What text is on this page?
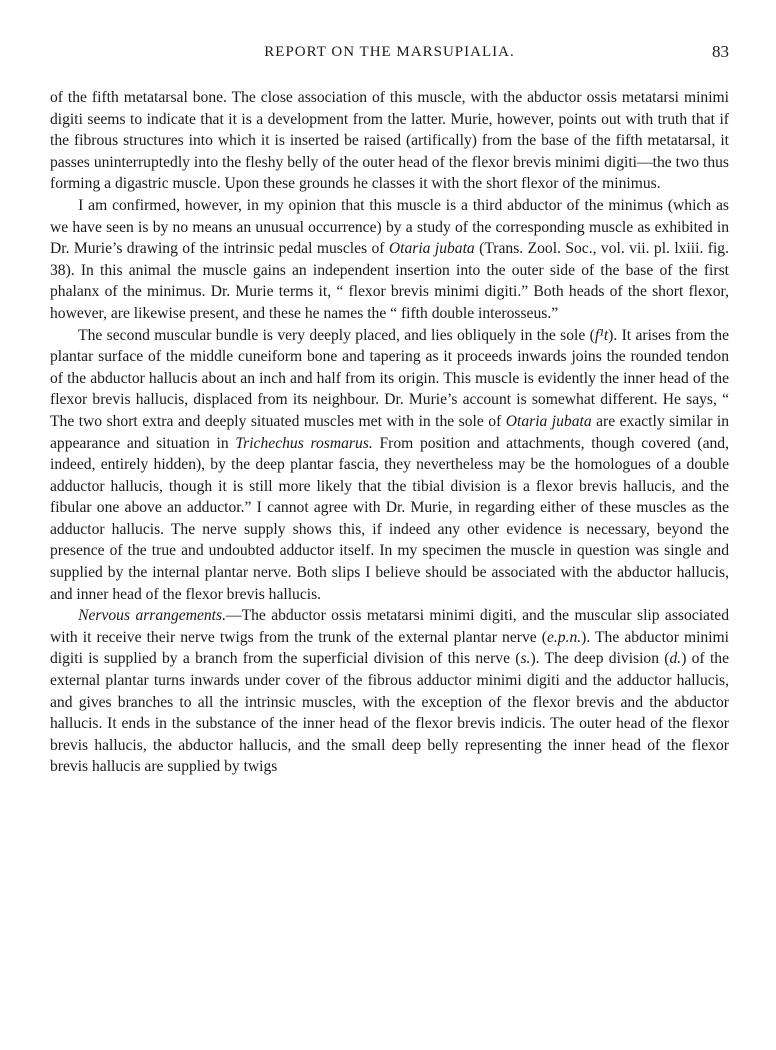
REPORT ON THE MARSUPIALIA.	83

of the fifth metatarsal bone. The close association of this muscle, with the abductor ossis metatarsi minimi digiti seems to indicate that it is a development from the latter. Murie, however, points out with truth that if the fibrous structures into which it is inserted be raised (artifically) from the base of the fifth metatarsal, it passes uninterruptedly into the fleshy belly of the outer head of the flexor brevis minimi digiti—the two thus forming a digastric muscle. Upon these grounds he classes it with the short flexor of the minimus.

I am confirmed, however, in my opinion that this muscle is a third abductor of the minimus (which as we have seen is by no means an unusual occurrence) by a study of the corresponding muscle as exhibited in Dr. Murie’s drawing of the intrinsic pedal muscles of Otaria jubata (Trans. Zool. Soc., vol. vii. pl. lxiii. fig. 38). In this animal the muscle gains an independent insertion into the outer side of the base of the first phalanx of the minimus. Dr. Murie terms it, “ flexor brevis minimi digiti.” Both heads of the short flexor, however, are likewise present, and these he names the “ fifth double interosseus.”

The second muscular bundle is very deeply placed, and lies obliquely in the sole (f¹t). It arises from the plantar surface of the middle cuneiform bone and tapering as it proceeds inwards joins the rounded tendon of the abductor hallucis about an inch and half from its origin. This muscle is evidently the inner head of the flexor brevis hallucis, displaced from its neighbour. Dr. Murie’s account is somewhat different. He says, “ The two short extra and deeply situated muscles met with in the sole of Otaria jubata are exactly similar in appearance and situation in Trichechus rosmarus. From position and attachments, though covered (and, indeed, entirely hidden), by the deep plantar fascia, they nevertheless may be the homologues of a double adductor hallucis, though it is still more likely that the tibial division is a flexor brevis hallucis, and the fibular one above an adductor.” I cannot agree with Dr. Murie, in regarding either of these muscles as the adductor hallucis. The nerve supply shows this, if indeed any other evidence is necessary, beyond the presence of the true and undoubted adductor itself. In my specimen the muscle in question was single and supplied by the internal plantar nerve. Both slips I believe should be associated with the abductor hallucis, and inner head of the flexor brevis hallucis.

Nervous arrangements.—The abductor ossis metatarsi minimi digiti, and the muscular slip associated with it receive their nerve twigs from the trunk of the external plantar nerve (e.p.n.). The abductor minimi digiti is supplied by a branch from the superficial division of this nerve (s.). The deep division (d.) of the external plantar turns inwards under cover of the fibrous adductor minimi digiti and the adductor hallucis, and gives branches to all the intrinsic muscles, with the exception of the flexor brevis and the abductor hallucis. It ends in the substance of the inner head of the flexor brevis indicis. The outer head of the flexor brevis hallucis, the abductor hallucis, and the small deep belly representing the inner head of the flexor brevis hallucis are supplied by twigs
